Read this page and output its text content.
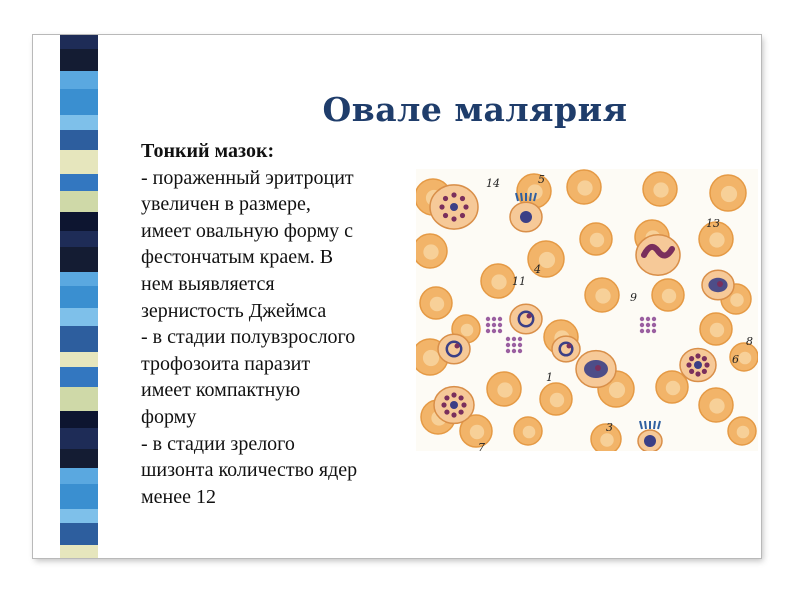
Овале малярия
Тонкий мазок:
- пораженный эритроцит
увеличен в размере,
имеет овальную форму с
фестончатым краем. В
нем выявляется
зернистость Джеймса
- в стадии полувзрослого
трофозоита паразит
имеет компактную
форму
- в стадии зрелого
шизонта количество ядер
менее 12
14	5
13
11
4
9
8
6
1
7
3
